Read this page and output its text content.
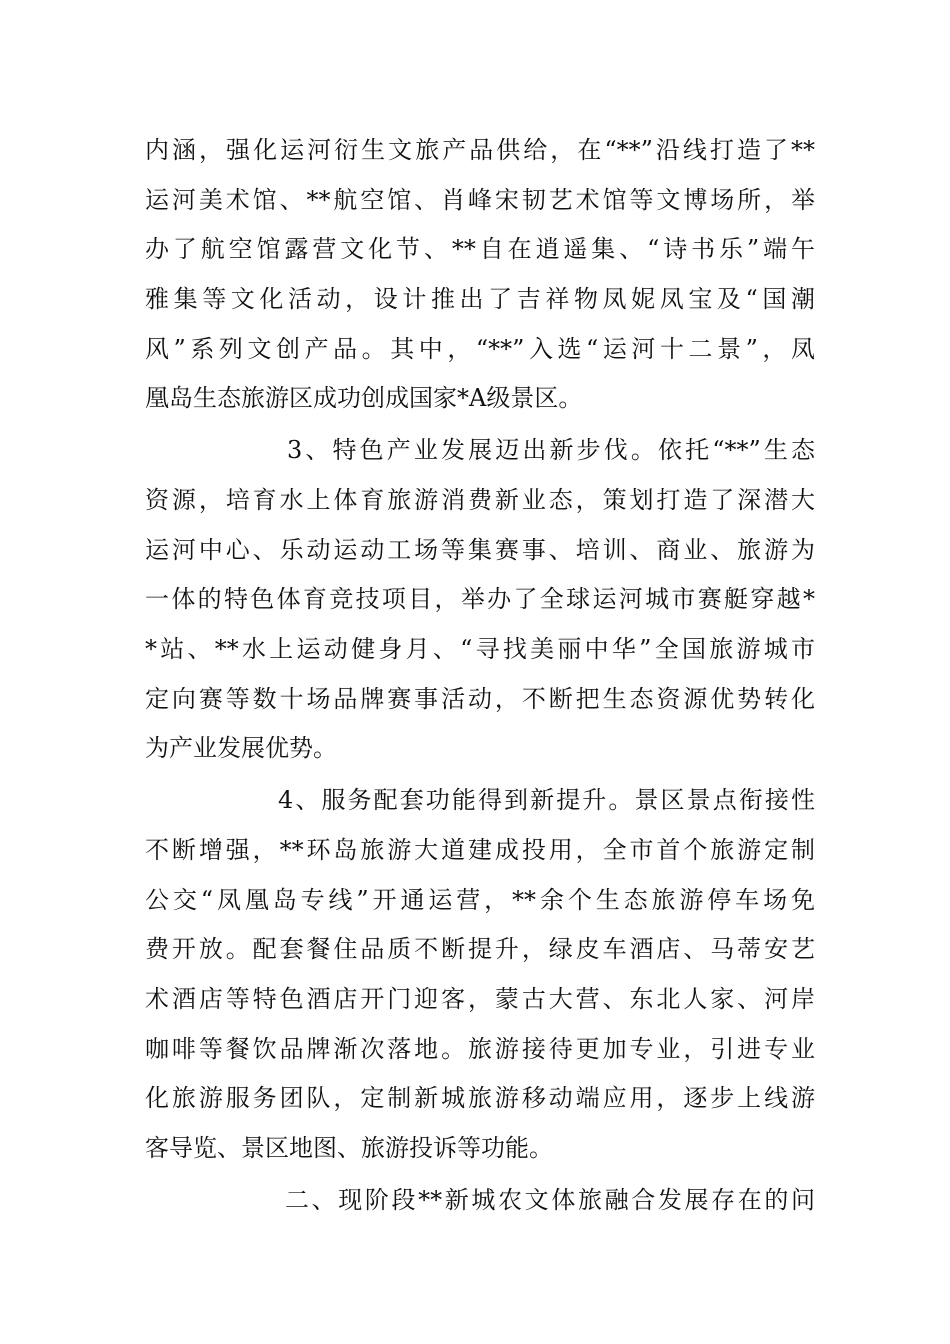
内涵，强化运河衍生文旅产品供给，在“**”沿线打造了**
运河美术馆、**航空馆、肖峰宋韧艺术馆等文博场所，举
办了航空馆露营文化节、**自在逍遥集、“诗书乐”端午
雅集等文化活动，设计推出了吉祥物凤妮凤宝及“国潮
风”系列文创产品。其中，“**”入选“运河十二景”，凤
凰岛生态旅游区成功创成国家*A级景区。
3、特色产业发展迈出新步伐。依托“**”生态
资源，培育水上体育旅游消费新业态，策划打造了深潜大
运河中心、乐动运动工场等集赛事、培训、商业、旅游为
一体的特色体育竞技项目，举办了全球运河城市赛艇穿越*
*站、**水上运动健身月、“寻找美丽中华”全国旅游城市
定向赛等数十场品牌赛事活动，不断把生态资源优势转化
为产业发展优势。
4、服务配套功能得到新提升。景区景点衔接性
不断增强，**环岛旅游大道建成投用，全市首个旅游定制
公交“凤凰岛专线”开通运营，**余个生态旅游停车场免
费开放。配套餐住品质不断提升，绿皮车酒店、马蒂安艺
术酒店等特色酒店开门迎客，蒙古大营、东北人家、河岸
咖啡等餐饮品牌渐次落地。旅游接待更加专业，引进专业
化旅游服务团队，定制新城旅游移动端应用，逐步上线游
客导览、景区地图、旅游投诉等功能。
二、现阶段**新城农文体旅融合发展存在的问
